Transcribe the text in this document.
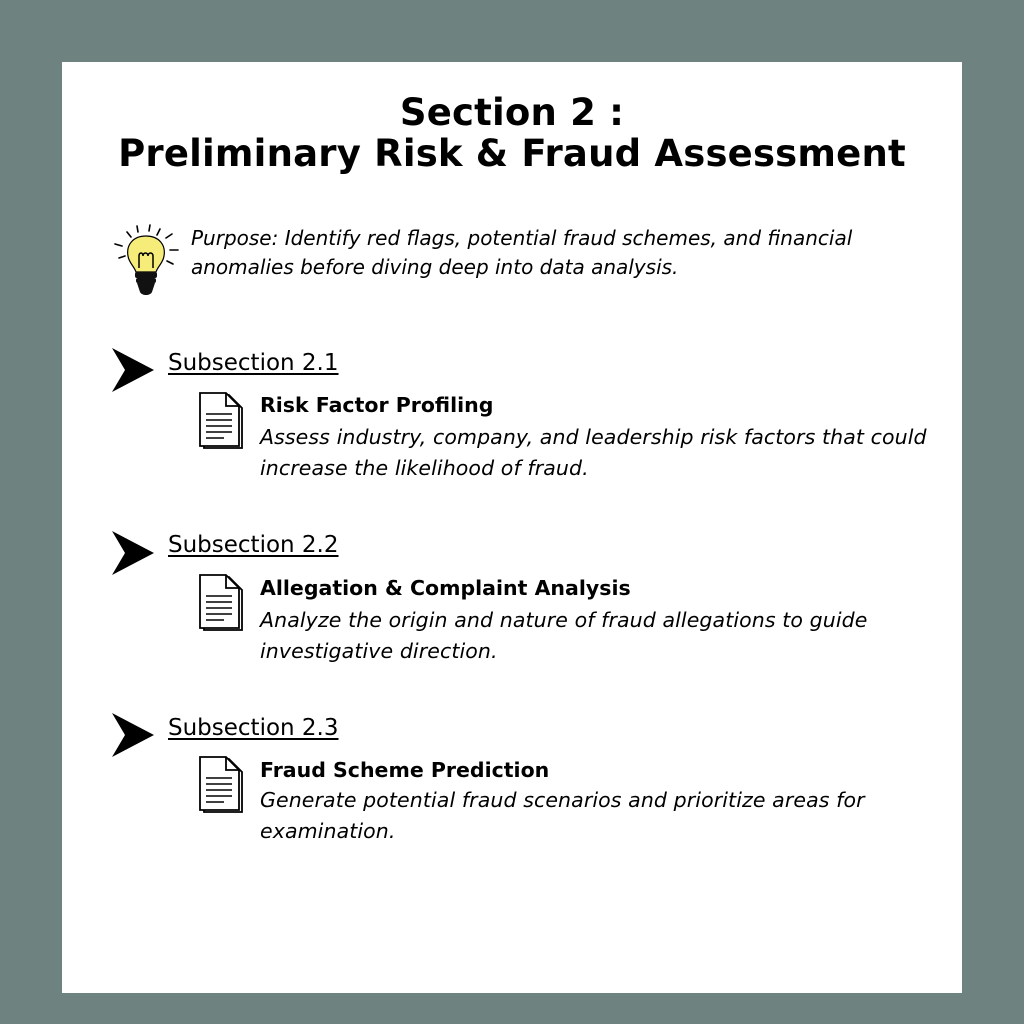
Section 2 :
Preliminary Risk & Fraud Assessment
Purpose: Identify red flags, potential fraud schemes, and financial anomalies before diving deep into data analysis.
Subsection 2.1
Risk Factor Profiling
Assess industry, company, and leadership risk factors that could increase the likelihood of fraud.
Subsection 2.2
Allegation & Complaint Analysis
Analyze the origin and nature of fraud allegations to guide investigative direction.
Subsection 2.3
Fraud Scheme Prediction
Generate potential fraud scenarios and prioritize areas for examination.
